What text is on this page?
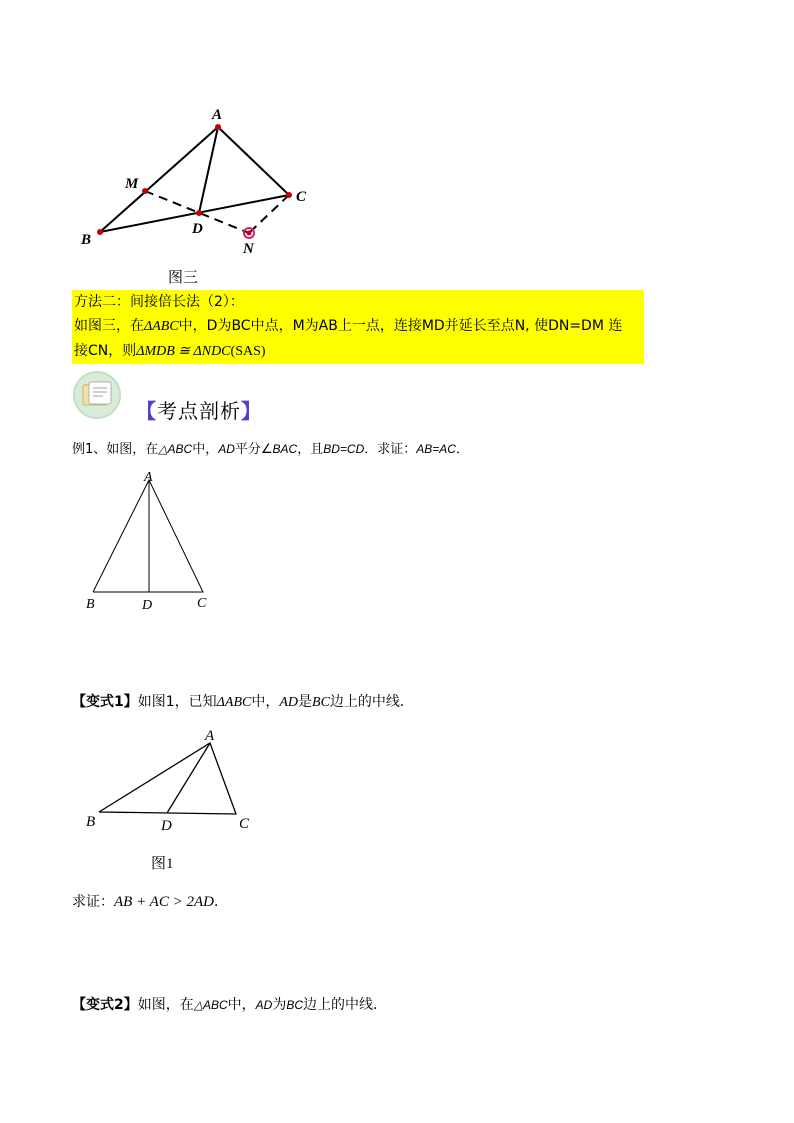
A
M
C
B
D
N
图三
方法二：间接倍长法（2）：
如图三，在ΔABC中，D为BC中点，M为AB上一点，连接MD并延长至点N, 使DN=DM 连
接CN，则ΔMDB ≅ ΔNDC(SAS)
【考点剖析】
例1、如图，在△ABC中，AD平分∠BAC，且BD=CD．求证：AB=AC．
A
B	D	C
【变式1】如图1，已知ΔABC中，AD是BC边上的中线．
A
B	D	C
图1
求证：AB + AC > 2AD．
【变式2】如图，在△ABC中，AD为BC边上的中线．
